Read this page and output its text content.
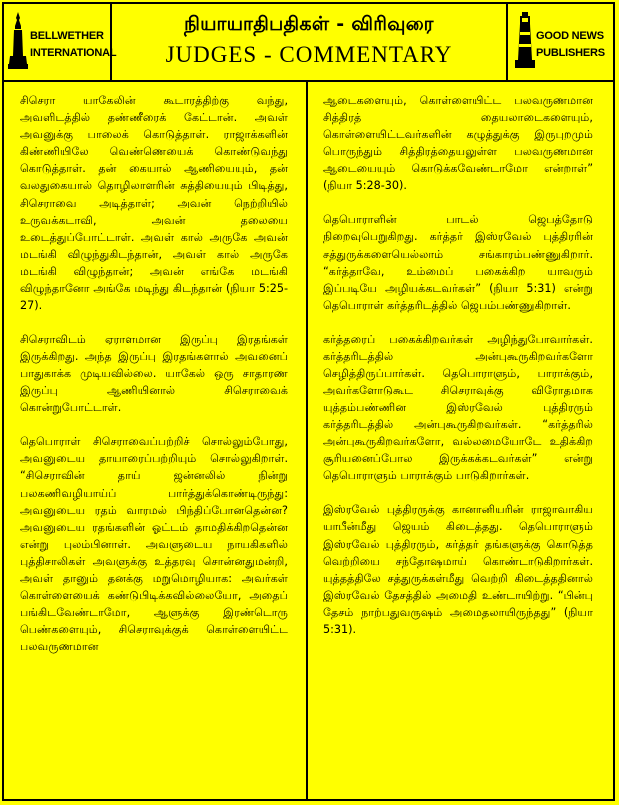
BELLWETHER
INTERNATIONAL
நியாயாதிபதிகள் - விரிவுரை
JUDGES - COMMENTARY
GOOD NEWS
PUBLISHERS

சிசெரா யாகேலின் கூடாரத்திற்கு வந்து, அவளிடத்தில் தண்ணீரைக் கேட்டான். அவள் அவனுக்கு பாலைக் கொடுத்தாள். ராஜாக்களின் கிண்ணியிலே வெண்ணெயைக் கொண்டுவந்து கொடுத்தாள். தன் கையால் ஆணியையும், தன் வலதுகையால் தொழிலாளரின் சுத்தியையும் பிடித்து, சிசெராவை அடித்தாள்; அவன் நெற்றியில் உருவக்கடாவி, அவன் தலையை உடைத்துப்போட்டாள். அவள் கால் அருகே அவன் மடங்கி விழுந்துகிடந்தான், அவள் கால் அருகே மடங்கி விழுந்தான்; அவன் எங்கே மடங்கி விழுந்தானோ அங்கே மடிந்து கிடந்தான் (நியா 5:25-27).

சிசெராவிடம் ஏராளமான இருப்பு இரதங்கள் இருக்கிறது. அந்த இருப்பு இரதங்களால் அவனைப் பாதுகாக்க முடியவில்லை. யாகேல் ஒரு சாதாரண இருப்பு ஆணியினால் சிசெராவைக் கொன்றுபோட்டாள்.

தெபொராள் சிசெராவைப்பற்றிச் சொல்லும்போது, அவனுடைய தாயாரைப்பற்றியும் சொல்லுகிறாள். “சிசெராவின் தாய் ஜன்னலில் நின்று பலகணிவழியாய்ப் பார்த்துக்கொண்டிருந்து: அவனுடைய ரதம் வாரமல் பிந்திப்போனதென்ன? அவனுடைய ரதங்களின் ஓட்டம் தாமதிக்கிறதென்ன என்று புலம்பினாள். அவளுடைய நாயகிகளில் புத்திசாலிகள் அவளுக்கு உத்தரவு சொன்னதுமன்றி, அவள் தானும் தனக்கு மறுமொழியாக: அவர்கள் கொள்ளையைக் கண்டுபிடிக்கவில்லையோ, அதைப் பங்கிடவேண்டாமோ, ஆளுக்கு இரண்டொரு பெண்களையும், சிசெராவுக்குக் கொள்ளையிட்ட பலவருணமான

ஆடைகளையும், கொள்ளையிட்ட பலவருணமான சித்திரத் தையலாடைகளையும், கொள்ளையிட்டவர்களின் கழுத்துக்கு இருபுறமும் பொருந்தும் சித்திரத்தையலுள்ள பலவருணமான ஆடையையும் கொடுக்கவேண்டாமோ என்றாள்” (நியா 5:28-30).

தெபொராளின் பாடல் ஜெபத்தோடு நிறைவுபெறுகிறது. கர்த்தர் இஸ்ரவேல் புத்திரரின் சத்துருக்களையெல்லாம் சங்காரம்பண்ணுகிறார். “கர்த்தாவே, உம்மைப் பகைக்கிற யாவரும் இப்படியே அழியக்கடவர்கள்” (நியா 5:31) என்று தெபொராள் கர்த்தரிடத்தில் ஜெபம்பண்ணுகிறாள்.

கர்த்தரைப் பகைக்கிறவர்கள் அழிந்துபோவார்கள். கர்த்தரிடத்தில் அன்புகூருகிறவர்களோ செழித்திருப்பார்கள். தெபொராளும், பாராக்கும், அவர்களோடுகூட சிசெராவுக்கு விரோதமாக யுத்தம்பண்ணின இஸ்ரவேல் புத்திரரும் கர்த்தரிடத்தில் அன்புகூருகிறவர்கள். “கர்த்தரில் அன்புகூருகிறவர்களோ, வல்லமையோடே உதிக்கிற சூரியனைப்போல இருக்கக்கடவர்கள்” என்று தெபொராளும் பாராக்கும் பாடுகிறார்கள்.

இஸ்ரவேல் புத்திரருக்கு கானானியரின் ராஜாவாகிய யாபீன்மீது ஜெயம் கிடைத்தது. தெபொராளும் இஸ்ரவேல் புத்திரரும், கர்த்தர் தங்களுக்கு கொடுத்த வெற்றியை சந்தோஷமாய் கொண்டாடுகிறார்கள். யுத்தத்திலே சத்துருக்கள்மீது வெற்றி கிடைத்ததினால் இஸ்ரவேல் தேசத்தில் அமைதி உண்டாயிற்று. “பின்பு தேசம் நாற்பதுவருஷம் அமைதலாயிருந்தது” (நியா 5:31).
